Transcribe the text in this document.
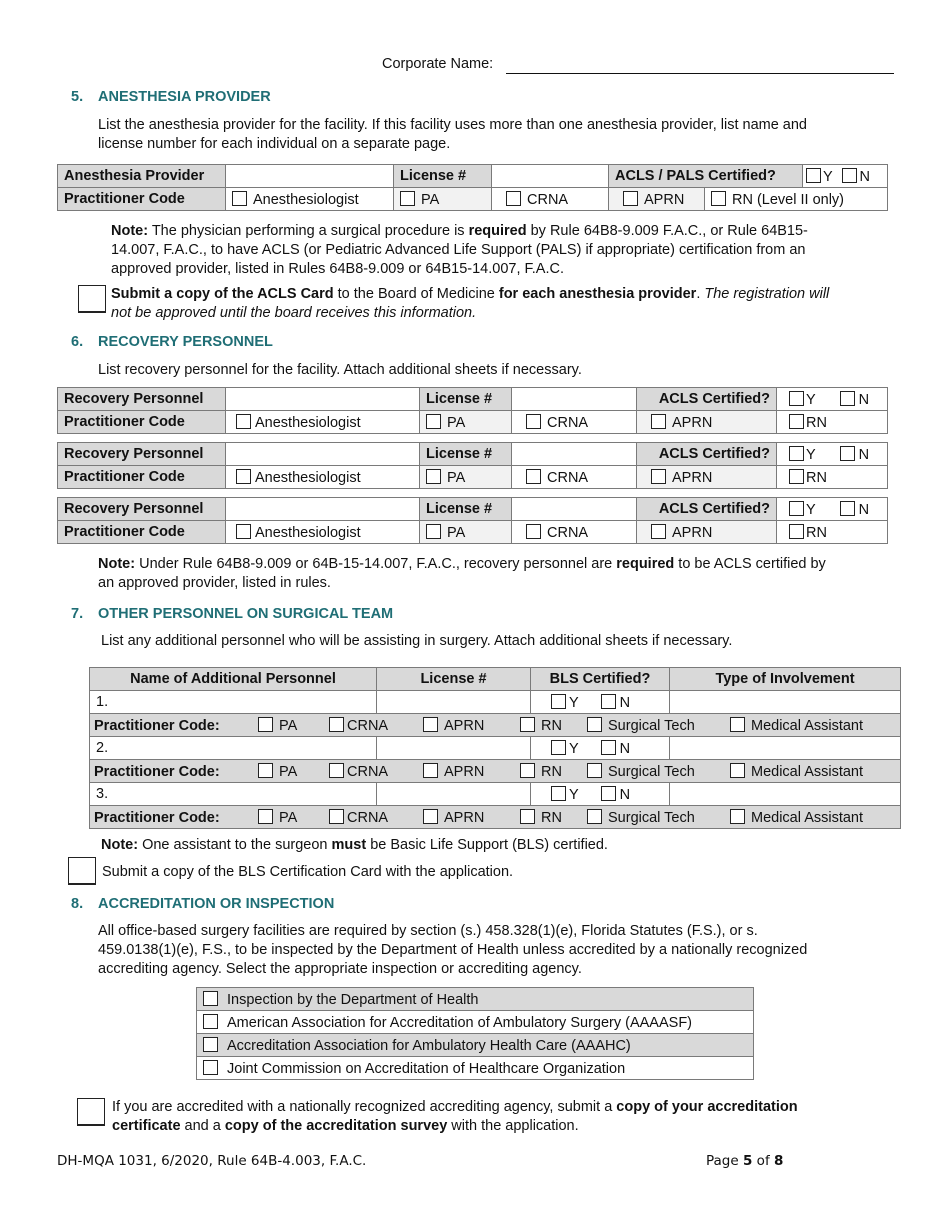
Corporate Name:
5. ANESTHESIA PROVIDER

List the anesthesia provider for the facility. If this facility uses more than one anesthesia provider, list name and
license number for each individual on a separate page.

Anesthesia Provider		License #		ACLS / PALS Certified?		Y N
Practitioner Code	Anesthesiologist	PA	CRNA	APRN	RN (Level II only)	

Note: The physician performing a surgical procedure is required by Rule 64B8-9.009 F.A.C., or Rule 64B15-
14.007, F.A.C., to have ACLS (or Pediatric Advanced Life Support (PALS) if appropriate) certification from an
approved provider, listed in Rules 64B8-9.009 or 64B15-14.007, F.A.C.

Submit a copy of the ACLS Card to the Board of Medicine for each anesthesia provider. The registration will
not be approved until the board receives this information.

6. RECOVERY PERSONNEL

List recovery personnel for the facility. Attach additional sheets if necessary.

Recovery Personnel		License #		ACLS Certified?	Y N
Practitioner Code	Anesthesiologist	PA	CRNA	APRN	RN
Recovery Personnel		License #		ACLS Certified?	Y N
Practitioner Code	Anesthesiologist	PA	CRNA	APRN	RN
Recovery Personnel		License #		ACLS Certified?	Y N
Practitioner Code	Anesthesiologist	PA	CRNA	APRN	RN

Note: Under Rule 64B8-9.009 or 64B-15-14.007, F.A.C., recovery personnel are required to be ACLS certified by
an approved provider, listed in rules.

7. OTHER PERSONNEL ON SURGICAL TEAM

List any additional personnel who will be assisting in surgery. Attach additional sheets if necessary.

Name of Additional Personnel	License #	BLS Certified?	Type of Involvement
1.		Y N	
Practitioner Code: PA CRNA APRN RN Surgical Tech Medical Assistant			
2.		Y N	
Practitioner Code: PA CRNA APRN RN Surgical Tech Medical Assistant			
3.		Y N	
Practitioner Code: PA CRNA APRN RN Surgical Tech Medical Assistant			

Note: One assistant to the surgeon must be Basic Life Support (BLS) certified.

Submit a copy of the BLS Certification Card with the application.

8. ACCREDITATION OR INSPECTION

All office-based surgery facilities are required by section (s.) 458.328(1)(e), Florida Statutes (F.S.), or s.
459.0138(1)(e), F.S., to be inspected by the Department of Health unless accredited by a nationally recognized
accrediting agency. Select the appropriate inspection or accrediting agency.

Inspection by the Department of Health
American Association for Accreditation of Ambulatory Surgery (AAAASF)
Accreditation Association for Ambulatory Health Care (AAAHC)
Joint Commission on Accreditation of Healthcare Organization

If you are accredited with a nationally recognized accrediting agency, submit a copy of your accreditation
certificate and a copy of the accreditation survey with the application.

DH-MQA 1031, 6/2020, Rule 64B-4.003, F.A.C.	Page 5 of 8
